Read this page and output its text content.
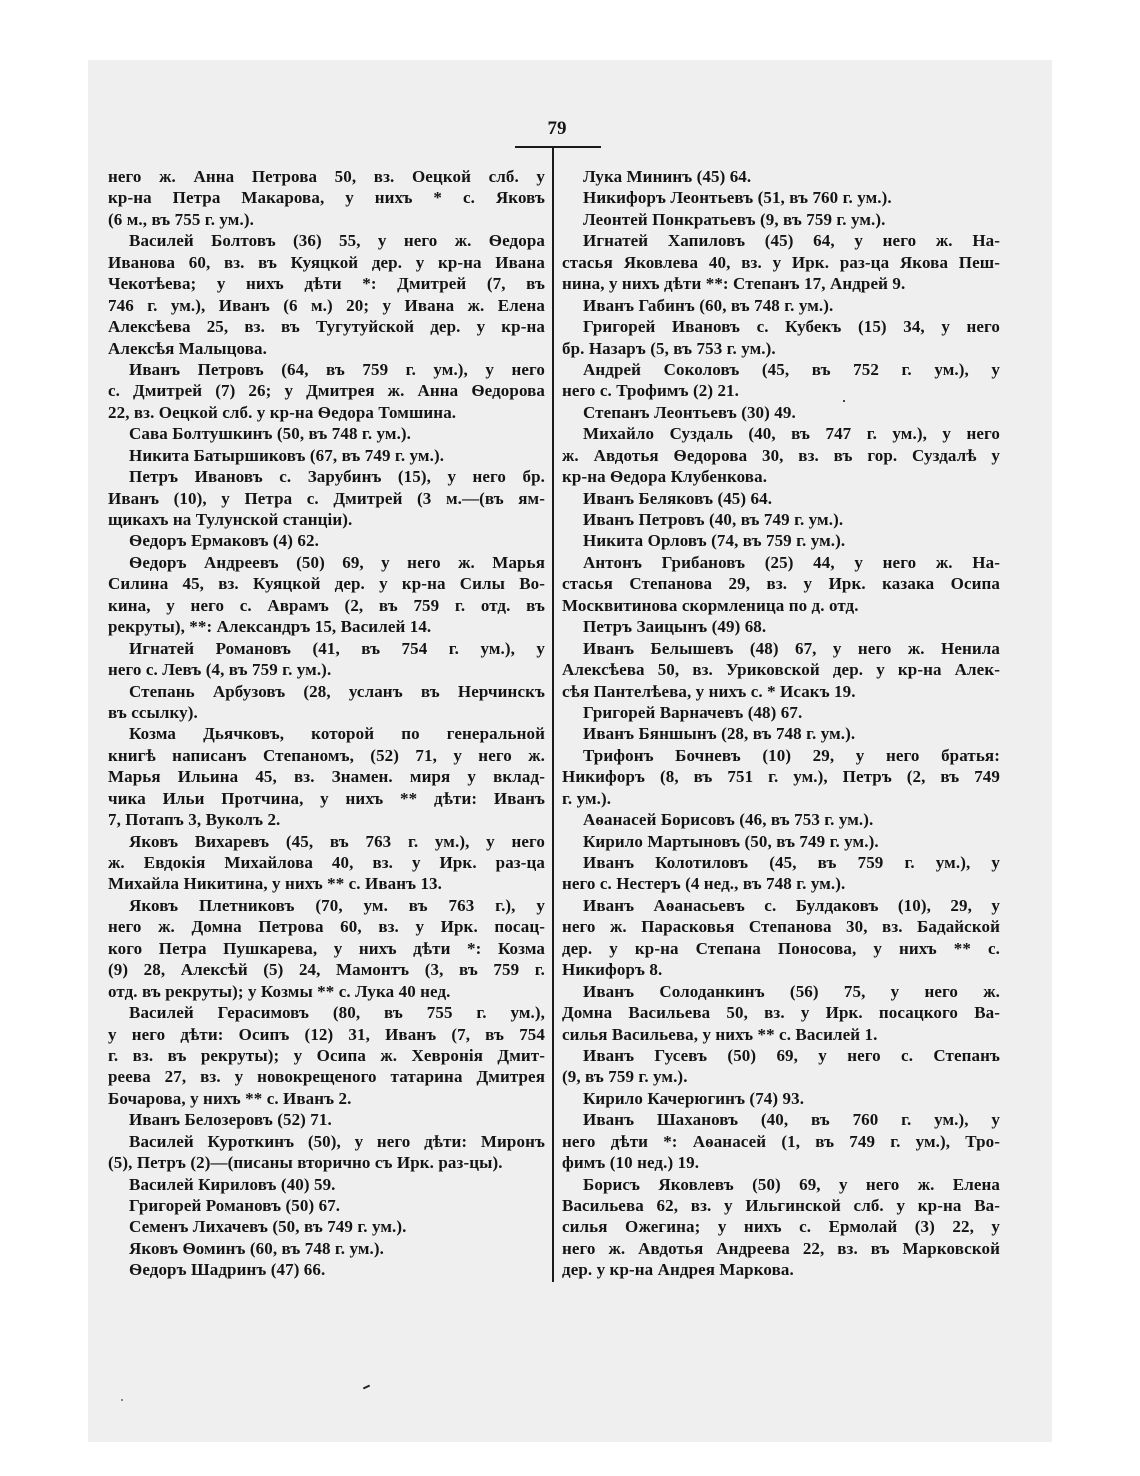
79
него ж. Анна Петрова 50, вз. Оецкой слб. у
кр-на Петра Макарова, у нихъ * с. Яковъ
(6 м., въ 755 г. ум.).
Василей Болтовъ (36) 55, у него ж. Ѳедора
Иванова 60, вз. въ Куяцкой дер. у кр-на Ивана
Чекотѣева; у нихъ дѣти *: Дмитрей (7, въ
746 г. ум.), Иванъ (6 м.) 20; у Ивана ж. Елена
Алексѣева 25, вз. въ Тугутуйской дер. у кр-на
Алексѣя Малыцова.
Иванъ Петровъ (64, въ 759 г. ум.), у него
с. Дмитрей (7) 26; у Дмитрея ж. Анна Ѳедорова
22, вз. Оецкой слб. у кр-на Ѳедора Томшина.
Сава Болтушкинъ (50, въ 748 г. ум.).
Никита Батыршиковъ (67, въ 749 г. ум.).
Петръ Ивановъ с. Зарубинъ (15), у него бр.
Иванъ (10), у Петра с. Дмитрей (3 м.—(въ ям-
щикахъ на Тулунской станціи).
Ѳедоръ Ермаковъ (4) 62.
Ѳедоръ Андреевъ (50) 69, у него ж. Марья
Силина 45, вз. Куяцкой дер. у кр-на Силы Во-
кина, у него с. Аврамъ (2, въ 759 г. отд. въ
рекруты), **: Александръ 15, Василей 14.
Игнатей Романовъ (41, въ 754 г. ум.), у
него с. Левъ (4, въ 759 г. ум.).
Степань Арбузовъ (28, усланъ въ Нерчинскъ
въ ссылку).
Козма Дьячковъ, которой по генеральной
книгѣ написанъ Степаномъ, (52) 71, у него ж.
Марья Ильина 45, вз. Знамен. миря у вклад-
чика Ильи Протчина, у нихъ ** дѣти: Иванъ
7, Потапъ 3, Вуколъ 2.
Яковъ Вихаревъ (45, въ 763 г. ум.), у него
ж. Евдокія Михайлова 40, вз. у Ирк. раз-ца
Михайла Никитина, у нихъ ** с. Иванъ 13.
Яковъ Плетниковъ (70, ум. въ 763 г.), у
него ж. Домна Петрова 60, вз. у Ирк. посац-
кого Петра Пушкарева, у нихъ дѣти *: Козма
(9) 28, Алексѣй (5) 24, Мамонтъ (3, въ 759 г.
отд. въ рекруты); у Козмы ** с. Лука 40 нед.
Василей Герасимовъ (80, въ 755 г. ум.),
у него дѣти: Осипъ (12) 31, Иванъ (7, въ 754
г. вз. въ рекруты); у Осипа ж. Хевронія Дмит-
реева 27, вз. у новокрещеного татарина Дмитрея
Бочарова, у нихъ ** с. Иванъ 2.
Иванъ Белозеровъ (52) 71.
Василей Куроткинъ (50), у него дѣти: Миронъ
(5), Петръ (2)—(писаны вторично съ Ирк. раз-цы).
Василей Кириловъ (40) 59.
Григорей Романовъ (50) 67.
Семенъ Лихачевъ (50, въ 749 г. ум.).
Яковъ Ѳоминъ (60, въ 748 г. ум.).
Ѳедоръ Шадринъ (47) 66.
Лука Мининъ (45) 64.
Никифоръ Леонтьевъ (51, въ 760 г. ум.).
Леонтей Понкратьевъ (9, въ 759 г. ум.).
Игнатей Хапиловъ (45) 64, у него ж. На-
стасья Яковлева 40, вз. у Ирк. раз-ца Якова Пеш-
нина, у нихъ дѣти **: Степанъ 17, Андрей 9.
Иванъ Габинъ (60, въ 748 г. ум.).
Григорей Ивановъ с. Кубекъ (15) 34, у него
бр. Назаръ (5, въ 753 г. ум.).
Андрей Соколовъ (45, въ 752 г. ум.), у
него с. Трофимъ (2) 21.
Степанъ Леонтьевъ (30) 49.
Михайло Суздаль (40, въ 747 г. ум.), у него
ж. Авдотья Ѳедорова 30, вз. въ гор. Суздалѣ у
кр-на Ѳедора Клубенкова.
Иванъ Беляковъ (45) 64.
Иванъ Петровъ (40, въ 749 г. ум.).
Никита Орловъ (74, въ 759 г. ум.).
Антонъ Грибановъ (25) 44, у него ж. На-
стасья Степанова 29, вз. у Ирк. казака Осипа
Москвитинова скормленица по д. отд.
Петръ Заицынъ (49) 68.
Иванъ Белышевъ (48) 67, у него ж. Ненила
Алексѣева 50, вз. Уриковской дер. у кр-на Алек-
сѣя Пантелѣева, у нихъ с. * Исакъ 19.
Григорей Варначевъ (48) 67.
Иванъ Бяншынъ (28, въ 748 г. ум.).
Трифонъ Бочневъ (10) 29, у него братья:
Никифоръ (8, въ 751 г. ум.), Петръ (2, въ 749
г. ум.).
Аѳанасей Борисовъ (46, въ 753 г. ум.).
Кирило Мартыновъ (50, въ 749 г. ум.).
Иванъ Колотиловъ (45, въ 759 г. ум.), у
него с. Нестеръ (4 нед., въ 748 г. ум.).
Иванъ Аѳанасьевъ с. Булдаковъ (10), 29, у
него ж. Парасковья Степанова 30, вз. Бадайской
дер. у кр-на Степана Поносова, у нихъ ** с.
Никифоръ 8.
Иванъ Солоданкинъ (56) 75, у него ж.
Домна Васильева 50, вз. у Ирк. посацкого Ва-
силья Васильева, у нихъ ** с. Василей 1.
Иванъ Гусевъ (50) 69, у него с. Степанъ
(9, въ 759 г. ум.).
Кирило Качерюгинъ (74) 93.
Иванъ Шахановъ (40, въ 760 г. ум.), у
него дѣти *: Аѳанасей (1, въ 749 г. ум.), Тро-
фимъ (10 нед.) 19.
Борисъ Яковлевъ (50) 69, у него ж. Елена
Васильева 62, вз. у Ильгинской слб. у кр-на Ва-
силья Ожегина; у нихъ с. Ермолай (3) 22, у
него ж. Авдотья Андреева 22, вз. въ Марковской
дер. у кр-на Андрея Маркова.
